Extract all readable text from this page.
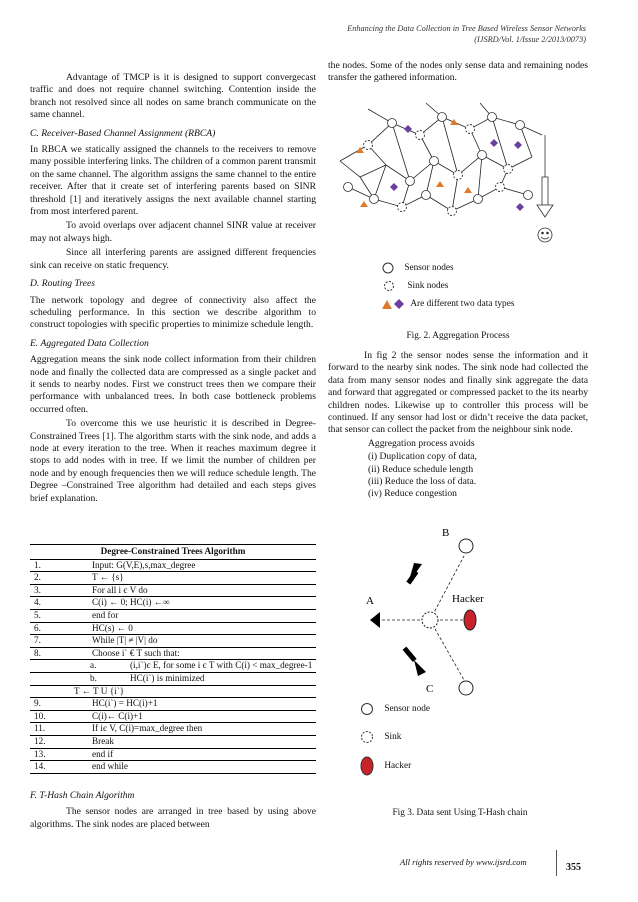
Enhancing the Data Collection in Tree Based Wireless Sensor Networks
(IJSRD/Vol. 1/Issue 2/2013/0073)

Advantage of TMCP is it is designed to support convergecast traffic and does not require channel switching. Contention inside the branch not resolved since all nodes on same branch communicate on the same channel.

C. Receiver-Based Channel Assignment (RBCA)

In RBCA we statically assigned the channels to the receivers to remove many possible interfering links. The children of a common parent transmit on the same channel. The algorithm assigns the same channel to the entire receiver. After that it create set of interfering parents based on SINR threshold [1] and iteratively assigns the next available channel starting from most interfered parent.

To avoid overlaps over adjacent channel SINR value at receiver may not always high.

Since all interfering parents are assigned different frequencies sink can receive on static frequency.

D. Routing Trees

The network topology and degree of connectivity also affect the scheduling performance. In this section we describe algorithm to construct topologies with specific properties to minimize schedule length.

E. Aggregated Data Collection

Aggregation means the sink node collect information from their children node and finally the collected data are compressed as a single packet and it sends to nearby nodes. First we construct trees then we compare their performance with unbalanced trees. In both case bottleneck problems occurred often.

To overcome this we use heuristic it is described in Degree-Constrained Trees [1]. The algorithm starts with the sink node, and adds a node at every iteration to the tree. When it reaches maximum degree it stops to add nodes with in tree. If we limit the number of children per node and by enough frequencies then we will reduce schedule length. The Degree –Constrained Tree algorithm had detailed and each steps gives brief explanation.

Degree-Constrained Trees Algorithm
1.	Input: G(V,E),s,max_degree
2.	T ← {s}
3.	For all i є V do
4.	C(i) ← 0; HC(i) ←∞
5.	end for
6.	HC(s) ← 0
7.	While |T| ≠ |V| do
8.	Choose i` € T such that:
a.	(i,i`)є E, for some i є T with C(i) < max_degree-1
b.	HC(i`) is minimized
T ← T U {i`}
9.	HC(i`) = HC(i)+1
10.	C(i)← C(i)+1
11.	If iє V, C(i)=max_degree then
12.	Break
13.	end if
14.	end while
F. T-Hash Chain Algorithm

The sensor nodes are arranged in tree based by using above algorithms. The sink nodes are placed between

the nodes. Some of the nodes only sense data and remaining nodes transfer the gathered information.

Sensor nodes
Sink nodes
Are different two data types
Fig. 2. Aggregation Process

In fig 2 the sensor nodes sense the information and it forward to the nearby sink nodes. The sink node had collected the data from many sensor nodes and finally sink aggregate the data and forward that aggregated or compressed packet to the its nearby children nodes. Likewise up to controller this process will be continued. If any sensor had lost or didn’t receive the data packet, that sensor can collect the packet from the neighbour sink node.

Aggregation process avoids
(i) Duplication copy of data,
(ii) Reduce schedule length
(iii) Reduce the loss of data.
(iv) Reduce congestion
A
B
C
Hacker
Sensor node
Sink
Hacker
Fig 3. Data sent Using T-Hash chain
All rights reserved by www.ijsrd.com	355
